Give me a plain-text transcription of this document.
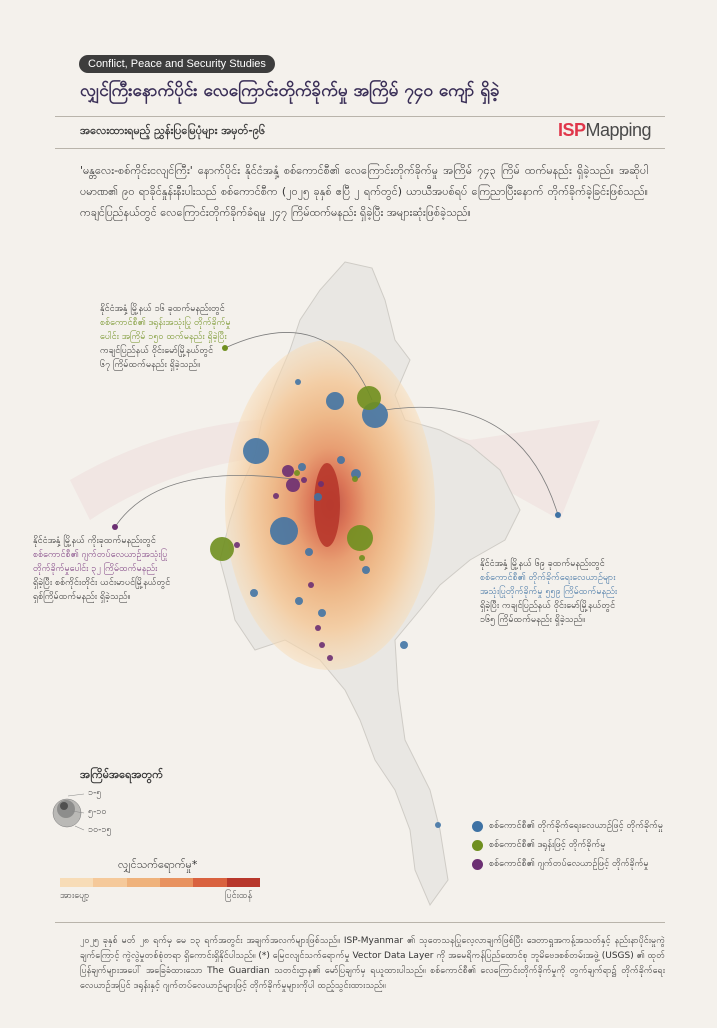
Conflict, Peace and Security Studies
လျှင်ကြီးနောက်ပိုင်း လေကြောင်းတိုက်ခိုက်မှု အကြိမ် ၇၄၀ ကျော် ရှိခဲ့
အလေးထားရမည့် ညွှန်းပြမြေပုံများ အမှတ်-၉၆	ISPMapping
'မန္တလေး-စစ်ကိုင်းငလျင်ကြီး' နောက်ပိုင်း နိုင်ငံအနှံ့ စစ်ကောင်စီ၏ လေကြောင်းတိုက်ခိုက်မှု အကြိမ် ၇၄၃ ကြိမ် ထက်မနည်း ရှိခဲ့သည်။ အဆိုပါပမာဏ၏ ၉၀ ရာခိုင်နှုန်းနီးပါးသည် စစ်ကောင်စီက (၂၀၂၅ ခုနှစ် ဧပြီ ၂ ရက်တွင်) ယာယီအပစ်ရပ် ကြေညာပြီးနောက် တိုက်ခိုက်ခဲ့ခြင်းဖြစ်သည်။ ကချင်ပြည်နယ်တွင် လေကြောင်းတိုက်ခိုက်ခံရမှု ၂၄၇ ကြိမ်ထက်မနည်း ရှိခဲ့ပြီး အများဆုံးဖြစ်ခဲ့သည်။
နိုင်ငံအနှံ့ မြို့နယ် ၁၆ ခုထက်မနည်းတွင်
စစ်ကောင်စီ၏ ဒရုန်းအသုံးပြု တိုက်ခိုက်မှု
ပေါင်း အကြိမ် ၁၅၀ ထက်မနည်း ရှိခဲ့ပြီး
ကချင်ပြည်နယ် ဝိုင်းမော်မြို့နယ်တွင်
၆၇ ကြိမ်ထက်မနည်း ရှိခဲ့သည်။
နိုင်ငံအနှံ့ မြို့နယ် ကိုးခုထက်မနည်းတွင်
စစ်ကောင်စီ၏ ဂျက်တပ်လေယာဉ်အသုံးပြု
တိုက်ခိုက်မှုပေါင်း ၃၂ ကြိမ်ထက်မနည်း
ရှိခဲ့ပြီး စစ်ကိုင်းတိုင်း ယင်းမာပင်မြို့နယ်တွင်
ရှစ်ကြိမ်ထက်မနည်း ရှိခဲ့သည်။
နိုင်ငံအနှံ့ မြို့နယ် ၆၉ ခုထက်မနည်းတွင်
စစ်ကောင်စီ၏ တိုက်ခိုက်ရေးလေယာဉ်များ
အသုံးပြုတိုက်ခိုက်မှု ၅၅၉ ကြိမ်ထက်မနည်း
ရှိခဲ့ပြီး ကချင်ပြည်နယ် ဝိုင်းမော်မြို့နယ်တွင်
၁၆၅ ကြိမ်ထက်မနည်း ရှိခဲ့သည်။
အကြိမ်အရေအတွက်
၁-၅
၅-၁၀
၁၀-၁၅
လျှင်သက်ရောက်မှု*
အားပျော့	ပြင်းထန်
စစ်ကောင်စီ၏ တိုက်ခိုက်ရေးလေယာဉ်ဖြင့် တိုက်ခိုက်မှု
စစ်ကောင်စီ၏ ဒရုန်းဖြင့် တိုက်ခိုက်မှု
စစ်ကောင်စီ၏ ဂျက်တပ်လေယာဉ်ဖြင့် တိုက်ခိုက်မှု
၂၀၂၅ ခုနှစ် မတ် ၂၈ ရက်မှ မေ ၁၃ ရက်အတွင်း အချက်အလက်များဖြစ်သည်။ ISP-Myanmar ၏ သုတေသနပြုလေ့လာချက်ဖြစ်ပြီး ဒေတာရှုအကန့်အသတ်နှင့် နည်းနာပိုင်းမှုကွဲချက်ကြောင့် ကွဲလွဲမှုတစ်စုံတရာ ရှိကောင်းရှိနိုင်ပါသည်။ (*) မြေငလျင်သက်ရောက်မှု Vector Data Layer ကို အမေရိကန်ပြည်ထောင်စု ဘူမိဗေဒစစ်တမ်းအဖွဲ့ (USGS) ၏ ထုတ်ပြန်ချက်များအပေါ် အခြေခံထားသော The Guardian သတင်းဌာန၏ မော်ပြချက်မှ ရယူထားပါသည်။ စစ်ကောင်စီ၏ လေကြောင်းတိုက်ခိုက်မှုကို တွက်ချက်ရာ၌ တိုက်ခိုက်ရေးလေယာဉ်အပြင် ဒရုန်းနှင့် ဂျက်တပ်လေယာဉ်များဖြင့် တိုက်ခိုက်မှုများကိုပါ ထည့်သွင်းထားသည်။
